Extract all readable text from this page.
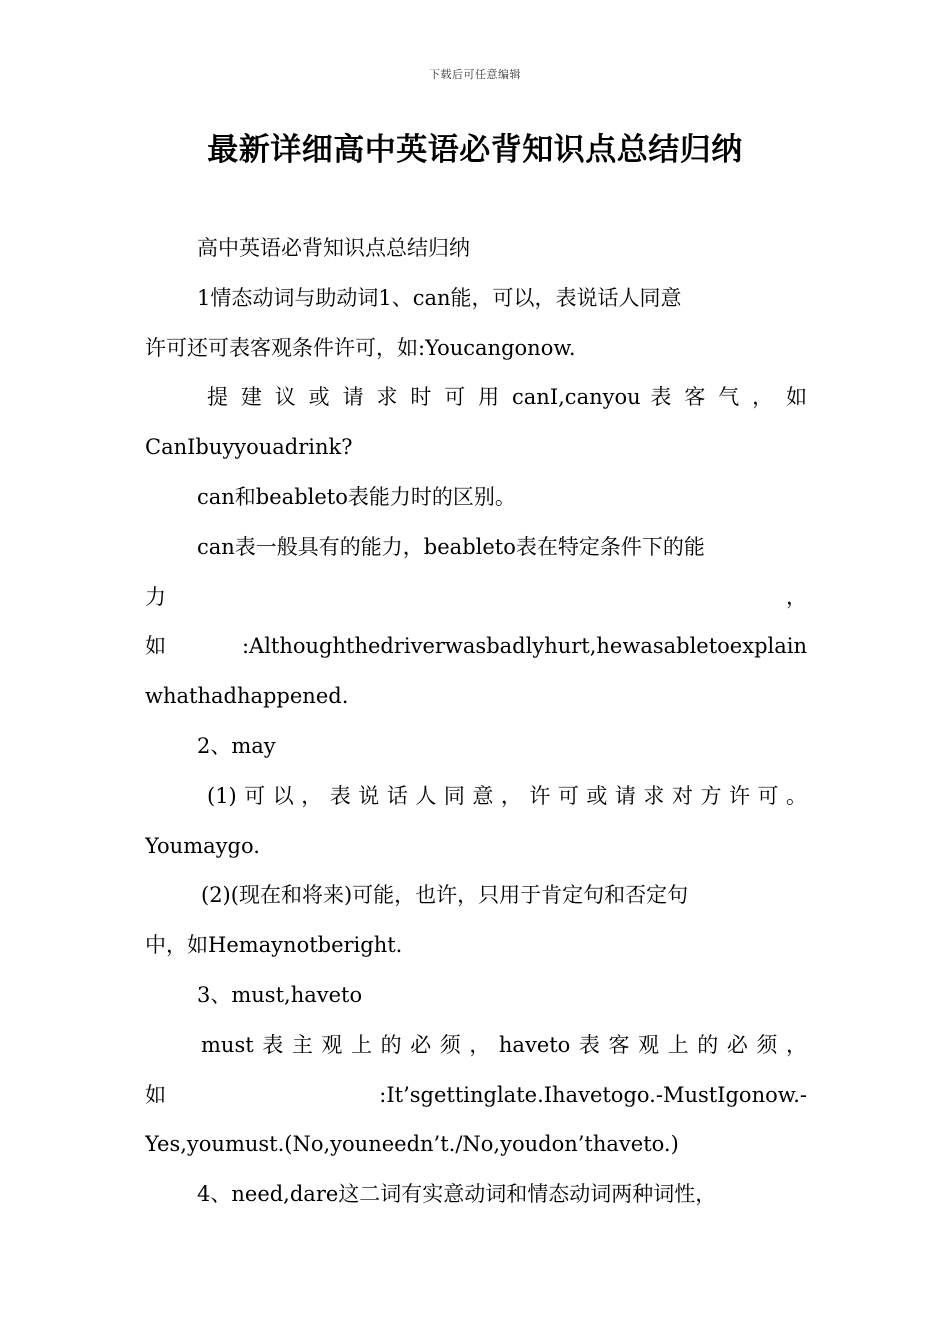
下载后可任意编辑
最新详细高中英语必背知识点总结归纳
高中英语必背知识点总结归纳
1情态动词与助动词1、can能，可以，表说话人同意
许可还可表客观条件许可，如:Youcangonow.
提 建 议 或 请 求 时 可 用 canI,canyou 表 客 气 ， 如
CanIbuyyouadrink?
can和beableto表能力时的区别。
can表一般具有的能力，beableto表在特定条件下的能
力 ，
如 :Althoughthedriverwasbadlyhurt,hewasabletoexplain
whathadhappened.
2、may
(1)可以，表说话人同意，许可或请求对方许可。
Youmaygo.
(2)(现在和将来)可能，也许，只用于肯定句和否定句
中，如Hemaynotberight.
3、must,haveto
must表主观上的必须，haveto表客观上的必须，
如 :It’sgettinglate.Ihavetogo.-MustIgonow.-
Yes,youmust.(No,youneedn’t./No,youdon’thaveto.)
4、need,dare这二词有实意动词和情态动词两种词性，
